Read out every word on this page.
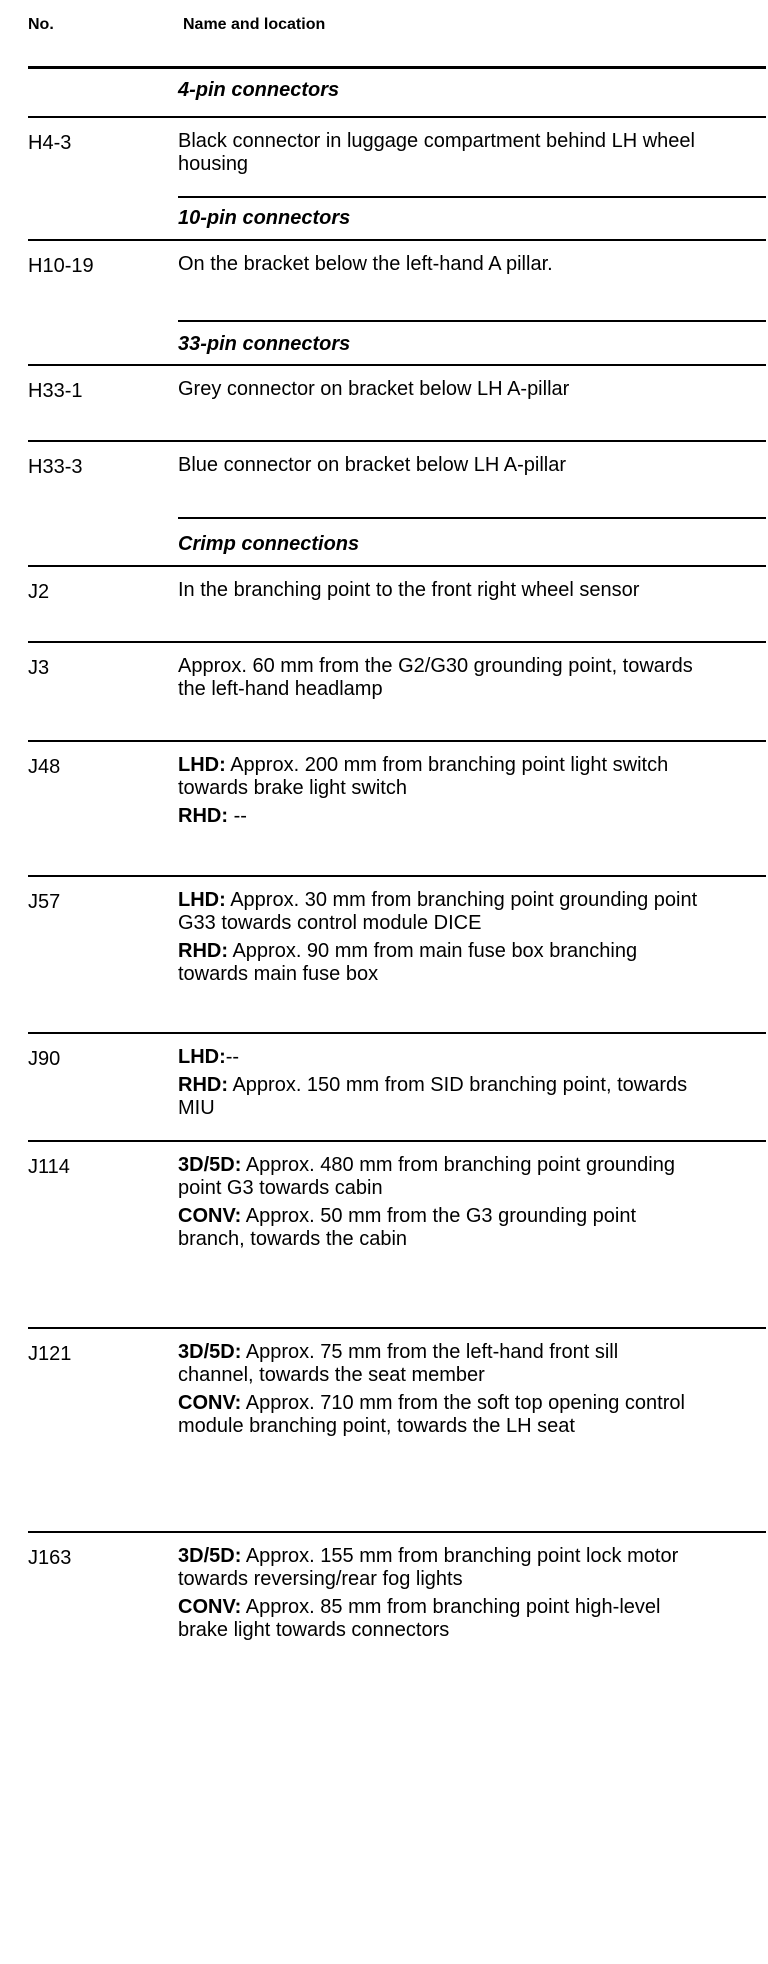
No.	Name and location
4-pin connectors
H4-3	Black connector in luggage compartment behind LH wheel housing

10-pin connectors
H10-19	On the bracket below the left-hand A pillar.

33-pin connectors
H33-1	Grey connector on bracket below LH A-pillar

H33-3	Blue connector on bracket below LH A-pillar

Crimp connections
J2	In the branching point to the front right wheel sensor

J3	Approx. 60 mm from the G2/G30 grounding point, towards the left-hand headlamp

J48	LHD: Approx. 200 mm from branching point light switch towards brake light switch

RHD: --

J57	LHD: Approx. 30 mm from branching point grounding point G33 towards control module DICE

RHD: Approx. 90 mm from main fuse box branching towards main fuse box

J90	LHD:--

RHD: Approx. 150 mm from SID branching point, towards MIU

J114	3D/5D: Approx. 480 mm from branching point grounding point G3 towards cabin

CONV: Approx. 50 mm from the G3 grounding point branch, towards the cabin

J121	3D/5D: Approx. 75 mm from the left-hand front sill channel, towards the seat member

CONV: Approx. 710 mm from the soft top opening control module branching point, towards the LH seat

J163	3D/5D: Approx. 155 mm from branching point lock motor towards reversing/rear fog lights

CONV: Approx. 85 mm from branching point high-level brake light towards connectors
